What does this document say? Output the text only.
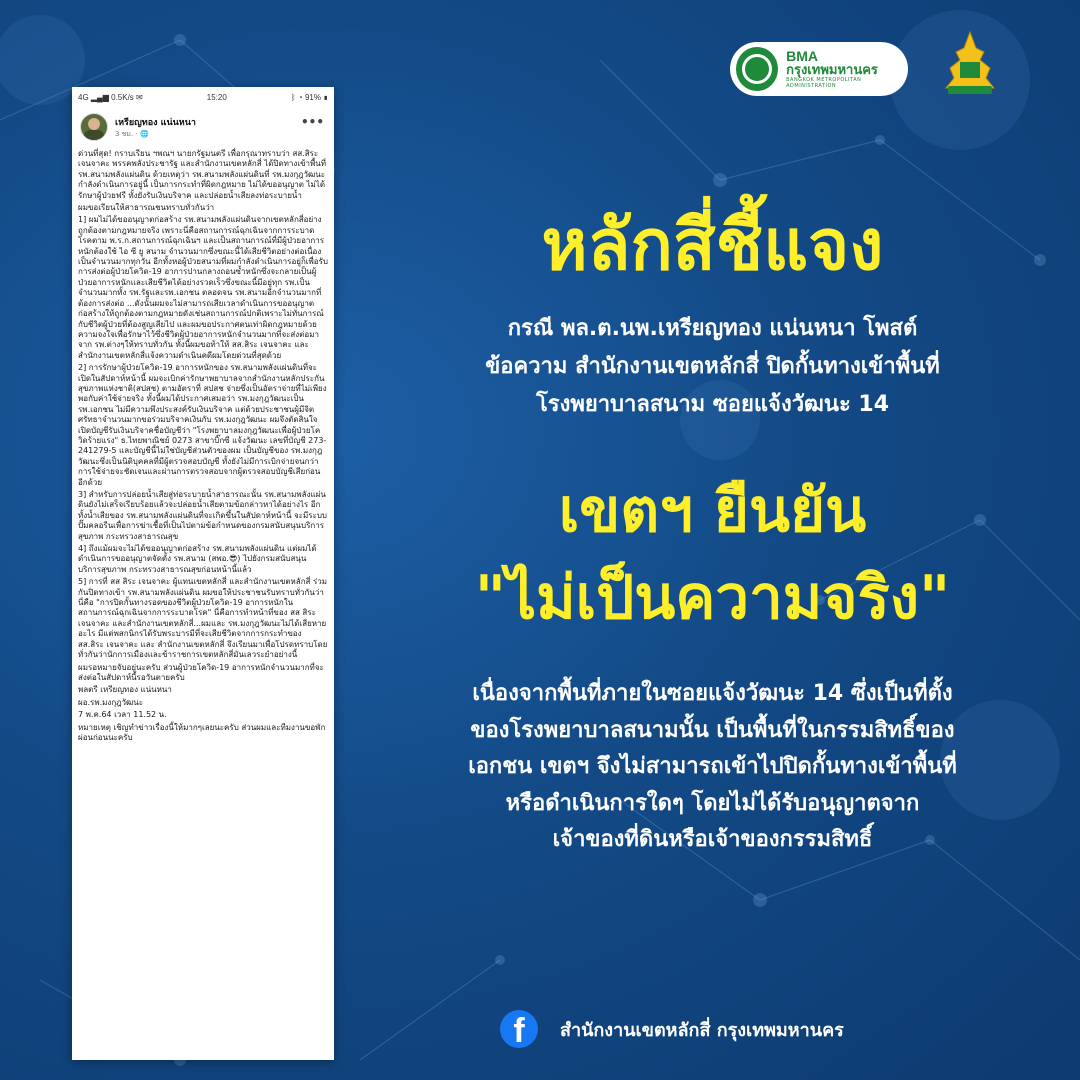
BMA
กรุงเทพมหานคร
BANGKOK METROPOLITAN ADMINISTRATION
4G ▂▄▆ 0.5K/s ✉	15:20	ᛒ ◔ 91% ▮
เหรียญทอง แน่นหนา
3 ชม. · 🌐
•••

ด่วนที่สุด! กราบเรียน ฯพณฯ นายกรัฐมนตรี เพื่อกรุณาทราบว่า สส.สิระ เจนจาคะ พรรคพลังประชารัฐ และสำนักงานเขตหลักสี่ ได้ปิดทางเข้าพื้นที่ รพ.สนามพลังแผ่นดิน ด้วยเหตุว่า รพ.สนามพลังแผ่นดินที่ รพ.มงกุฎวัฒนะกำลังดำเนินการอยู่นี้ เป็นการกระทำที่ผิดกฎหมาย ไม่ได้ขออนุญาต ไม่ได้รักษาผู้ป่วยฟรี ทั้งยังรับเงินบริจาค และปล่อยน้ำเสียลงท่อระบายน้ำ

ผมขอเรียนให้สาธารณชนทราบทั่วกันว่า

1] ผมไม่ได้ขออนุญาตก่อสร้าง รพ.สนามพลังแผ่นดินจากเขตหลักสี่อย่างถูกต้องตามกฎหมายจริง เพราะนี่คือสถานการณ์ฉุกเฉินจากการระบาดโรคตาม พ.ร.ก.สถานการณ์ฉุกเฉินฯ และเป็นสถานการณ์ที่มีผู้ป่วยอาการหนักต้องใช้ ไอ ซี ยู สนาม จำนวนมากซึ่งขณะนี้ได้เสียชีวิตอย่างต่อเนื่องเป็นจำนวนมากทุกวัน อีกทั้งหอผู้ป่วยสนามที่ผมกำลังดำเนินการอยู่ก็เพื่อรับการส่งต่อผู้ป่วยโควิด-19 อาการปานกลางถอนซ้ำหนักซึ่งจะกลายเป็นผู้ป่วยอาการหนักและเสียชีวิตได้อย่างรวดเร็วซึ่งขณะนี้มีอยู่ทุก รพ.เป็นจำนวนมากทั้ง รพ.รัฐและรพ.เอกชน ตลอดจน รพ.สนามอีกจำนวนมากที่ต้องการส่งต่อ ...ดังนั้นผมจะไม่สามารถเสียเวลาดำเนินการขออนุญาตก่อสร้างให้ถูกต้องตามกฎหมายดังเช่นสถานการณ์ปกติเพราะไม่ทันการณ์กับชีวิตผู้ป่วยที่ต้องสูญเสียไป และผมขอประกาศตนเท่าผิดกฎหมายด้วยความจงใจเพื่อรักษาไว้ซึ่งชีวิตผู้ป่วยอาการหนักจำนวนมากที่จะส่งต่อมาจาก รพ.ต่างๆให้ทราบทั่วกัน ทั้งนี้ผมขอท้าให้ สส.สิระ เจนจาคะ และสำนักงานเขตหลักสี่แจ้งความดำเนินคดีผมโดยด่วนที่สุดด้วย

2] การรักษาผู้ป่วยโควิด-19 อาการหนักของ รพ.สนามพลังแผ่นดินที่จะเปิดในสัปดาห์หน้านี้ ผมจะเบิกค่ารักษาพยาบาลจากสำนักงานหลักประกันสุขภาพแห่งชาติ(สปสช) ตามอัตราที่ สปสช จ่ายซึ่งเป็นอัตราจ่ายที่ไม่เพียงพอกับค่าใช้จ่ายจริง ทั้งนี้ผมได้ประกาศเสมอว่า รพ.มงกุฎวัฒนะเป็น รพ.เอกชน ไม่มีความพึงประสงค์รับเงินบริจาค แต่ด้วยประชาชนผู้มีจิตศรัทธาจำนวนมากขอร่วมบริจาคเงินกับ รพ.มงกุฎวัฒนะ ผมจึงตัดสินใจเปิดบัญชีรับเงินบริจาคชื่อบัญชีว่า "โรงพยาบาลมงกุฎวัฒนะเพื่อผู้ป่วยโควิดร้ายแรง" ธ.ไทยพาณิชย์ 0273 สาขาบิ๊กซี แจ้งวัฒนะ เลขที่บัญชี 273-241279-5 และบัญชีนี้ไม่ใช่บัญชีส่วนตัวของผม เป็นบัญชีของ รพ.มงกุฎวัฒนะซึ่งเป็นนิติบุคคลที่มีผู้ตรวจสอบบัญชี ทั้งยังไม่มีการเบิกจ่ายจนกว่าการใช้จ่ายจะชัดเจนและผ่านการตรวจสอบจากผู้ตรวจสอบบัญชีเสียก่อนอีกด้วย

3] สำหรับการปล่อยน้ำเสียสู่ท่อระบายน้ำสาธารณะนั้น รพ.สนามพลังแผ่นดินยังไม่เสร็จเรียบร้อยแล้วจะปล่อยน้ำเสียตามข้อกล่าวหาได้อย่างไร อีกทั้งน้ำเสียของ รพ.สนามพลังแผ่นดินที่จะเกิดขึ้นในสัปดาห์หน้านี้ จะมีระบบปั๊มคลอรีนเพื่อการฆ่าเชื้อที่เป็นไปตามข้อกำหนดของกรมสนับสนุนบริการสุขภาพ กระทรวงสาธารณสุข

4] ถึงแม้ผมจะไม่ได้ขออนุญาตก่อสร้าง รพ.สนามพลังแผ่นดิน แต่ผมได้ดำเนินการขออนุญาตจัดตั้ง รพ.สนาม (สพอ.😎) ไปยังกรมสนับสนุนบริการสุขภาพ กระทรวงสาธารณสุขก่อนหน้านี้แล้ว

5] การที่ สส สิระ เจนจาคะ ผู้แทนเขตหลักสี่ และสำนักงานเขตหลักสี่ ร่วมกันปิดทางเข้า รพ.สนามพลังแผ่นดิน ผมขอให้ประชาชนรับทราบทั่วกันว่านี่คือ "การปิดกั้นทางรอดของชีวิตผู้ป่วยโควิด-19 อาการหนักในสถานการณ์ฉุกเฉินจากการระบาดโรค" นี่คือการทำหน้าที่ของ สส สิระ เจนจาคะ และสำนักงานเขตหลักสี่...ผมและ รพ.มงกุฎวัฒนะไม่ได้เสียหายอะไร มีแต่พสกนิกรได้รับพระบารมีที่จะเสียชีวิตจากการกระทำของ สส.สิระ เจนจาคะ และ สำนักงานเขตหลักสี่ จึงเรียนมาเพื่อโปรดทราบโดยทั่วกันว่านักการเมืองและข้าราชการเขตหลักสี่มันเลวระยำอย่างนี้

ผมรอหมายจับอยู่นะครับ ส่วนผู้ป่วยโควิด-19 อาการหนักจำนวนมากที่จะส่งต่อในสัปดาห์นี้รอวันตายครับ

พลตรี เหรียญทอง แน่นหนา

ผอ.รพ.มงกุฎวัฒนะ

7 พ.ค.64 เวลา 11.52 น.

หมายเหตุ เชิญทำข่าวเรื่องนี้ให้มากๆเลยนะครับ ส่วนผมและทีมงานขอพักผ่อนก่อนนะครับ

หลักสี่ชี้แจง
กรณี พล.ต.นพ.เหรียญทอง แน่นหนา โพสต์
ข้อความ สำนักงานเขตหลักสี่ ปิดกั้นทางเข้าพื้นที่
โรงพยาบาลสนาม ซอยแจ้งวัฒนะ 14
เขตฯ ยืนยัน
"ไม่เป็นความจริง"
เนื่องจากพื้นที่ภายในซอยแจ้งวัฒนะ 14 ซึ่งเป็นที่ตั้ง
ของโรงพยาบาลสนามนั้น เป็นพื้นที่ในกรรมสิทธิ์ของ
เอกชน เขตฯ จึงไม่สามารถเข้าไปปิดกั้นทางเข้าพื้นที่
หรือดำเนินการใดๆ โดยไม่ได้รับอนุญาตจาก
เจ้าของที่ดินหรือเจ้าของกรรมสิทธิ์
f	สำนักงานเขตหลักสี่ กรุงเทพมหานคร
